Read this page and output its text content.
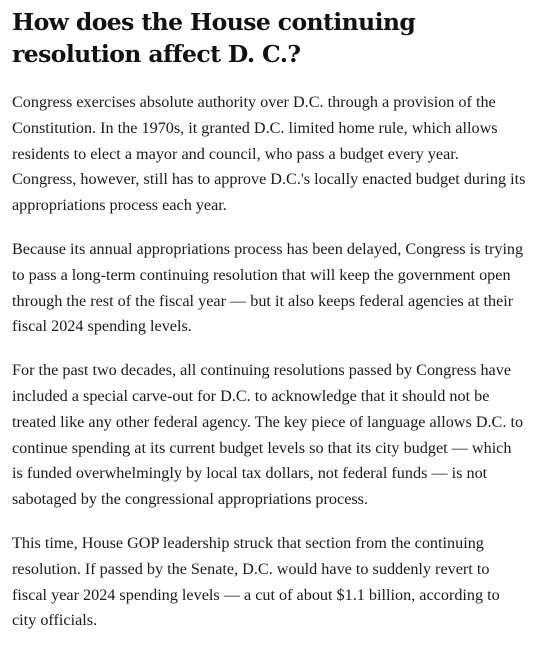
How does the House continuing resolution affect D. C.?

Congress exercises absolute authority over D.C. through a provision of the Constitution. In the 1970s, it granted D.C. limited home rule, which allows residents to elect a mayor and council, who pass a budget every year. Congress, however, still has to approve D.C.'s locally enacted budget during its appropriations process each year.

Because its annual appropriations process has been delayed, Congress is trying to pass a long-term continuing resolution that will keep the government open through the rest of the fiscal year — but it also keeps federal agencies at their fiscal 2024 spending levels.

For the past two decades, all continuing resolutions passed by Congress have included a special carve-out for D.C. to acknowledge that it should not be treated like any other federal agency. The key piece of language allows D.C. to continue spending at its current budget levels so that its city budget — which is funded overwhelmingly by local tax dollars, not federal funds — is not sabotaged by the congressional appropriations process.

This time, House GOP leadership struck that section from the continuing resolution. If passed by the Senate, D.C. would have to suddenly revert to fiscal year 2024 spending levels — a cut of about $1.1 billion, according to city officials.
